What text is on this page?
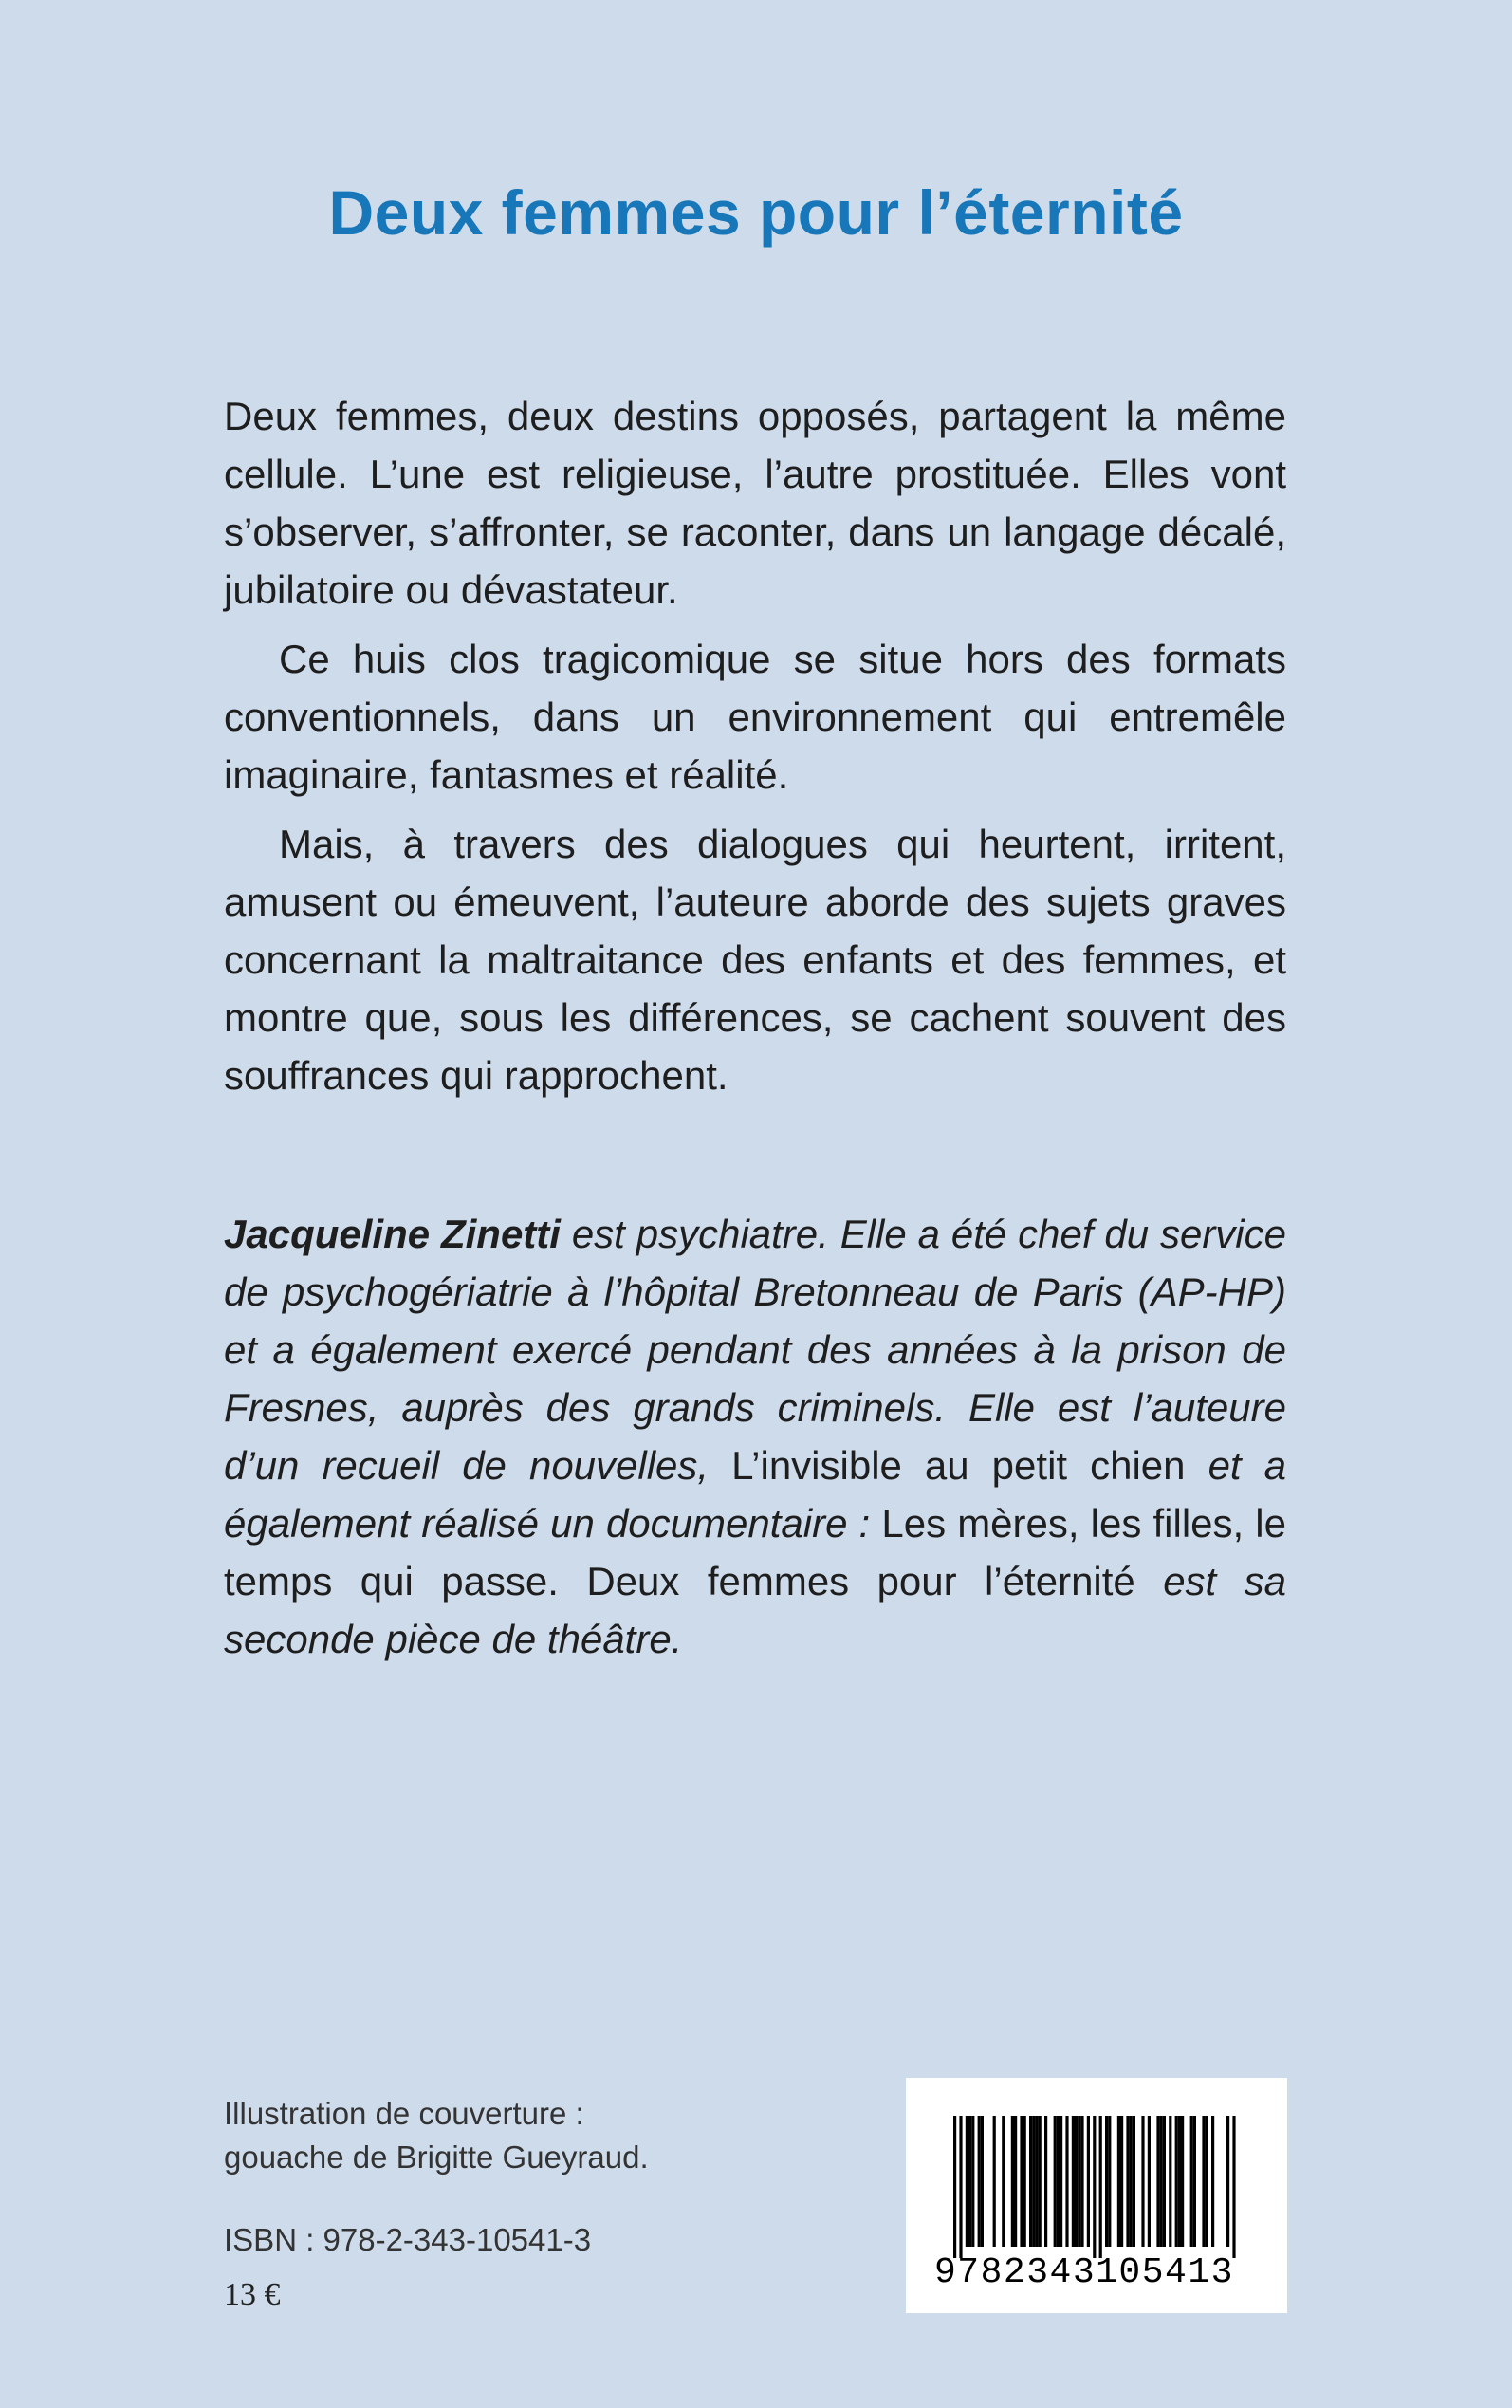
Deux femmes pour l’éternité

Deux femmes, deux destins opposés, partagent la même cellule. L’une est religieuse, l’autre prostituée. Elles vont s’observer, s’affronter, se raconter, dans un langage décalé, jubilatoire ou dévastateur.

Ce huis clos tragicomique se situe hors des formats conventionnels, dans un environnement qui entremêle imaginaire, fantasmes et réalité.

Mais, à travers des dialogues qui heurtent, irritent, amusent ou émeuvent, l’auteure aborde des sujets graves concernant la maltraitance des enfants et des femmes, et montre que, sous les différences, se cachent souvent des souffrances qui rapprochent.

Jacqueline Zinetti est psychiatre. Elle a été chef du service de psychogériatrie à l’hôpital Bretonneau de Paris (AP-HP) et a également exercé pendant des années à la prison de Fresnes, auprès des grands criminels. Elle est l’auteure d’un recueil de nouvelles, L’invisible au petit chien et a également réalisé un documentaire : Les mères, les filles, le temps qui passe. Deux femmes pour l’éternité est sa seconde pièce de théâtre.

Illustration de couverture :
gouache de Brigitte Gueyraud.
ISBN : 978-2-343-10541-3
13 €
9782343105413
